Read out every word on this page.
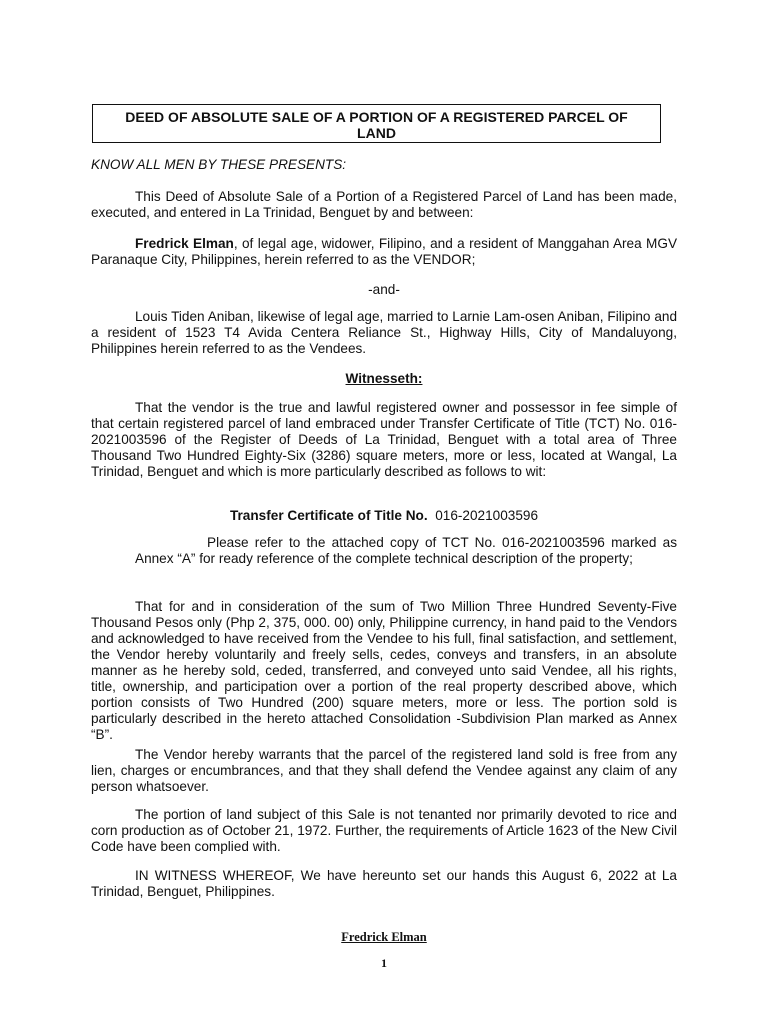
DEED OF ABSOLUTE SALE OF A PORTION OF A REGISTERED PARCEL OF LAND

KNOW ALL MEN BY THESE PRESENTS:

This Deed of Absolute Sale of a Portion of a Registered Parcel of Land has been made, executed, and entered in La Trinidad, Benguet by and between:

Fredrick Elman, of legal age, widower, Filipino, and a resident of Manggahan Area MGV Paranaque City, Philippines, herein referred to as the VENDOR;

-and-

Louis Tiden Aniban, likewise of legal age, married to Larnie Lam-osen Aniban, Filipino and a resident of 1523 T4 Avida Centera Reliance St., Highway Hills, City of Mandaluyong, Philippines herein referred to as the Vendees.

Witnesseth:

That the vendor is the true and lawful registered owner and possessor in fee simple of that certain registered parcel of land embraced under Transfer Certificate of Title (TCT) No. 016-2021003596 of the Register of Deeds of La Trinidad, Benguet with a total area of Three Thousand Two Hundred Eighty-Six (3286) square meters, more or less, located at Wangal, La Trinidad, Benguet and which is more particularly described as follows to wit:

Transfer Certificate of Title No. 016-2021003596

Please refer to the attached copy of TCT No. 016-2021003596 marked as Annex “A” for ready reference of the complete technical description of the property;

That for and in consideration of the sum of Two Million Three Hundred Seventy-Five Thousand Pesos only (Php 2, 375, 000. 00) only, Philippine currency, in hand paid to the Vendors and acknowledged to have received from the Vendee to his full, final satisfaction, and settlement, the Vendor hereby voluntarily and freely sells, cedes, conveys and transfers, in an absolute manner as he hereby sold, ceded, transferred, and conveyed unto said Vendee, all his rights, title, ownership, and participation over a portion of the real property described above, which portion consists of Two Hundred (200) square meters, more or less. The portion sold is particularly described in the hereto attached Consolidation -Subdivision Plan marked as Annex “B”.

The Vendor hereby warrants that the parcel of the registered land sold is free from any lien, charges or encumbrances, and that they shall defend the Vendee against any claim of any person whatsoever.

The portion of land subject of this Sale is not tenanted nor primarily devoted to rice and corn production as of October 21, 1972. Further, the requirements of Article 1623 of the New Civil Code have been complied with.

IN WITNESS WHEREOF, We have hereunto set our hands this August 6, 2022 at La Trinidad, Benguet, Philippines.

Fredrick Elman
1
